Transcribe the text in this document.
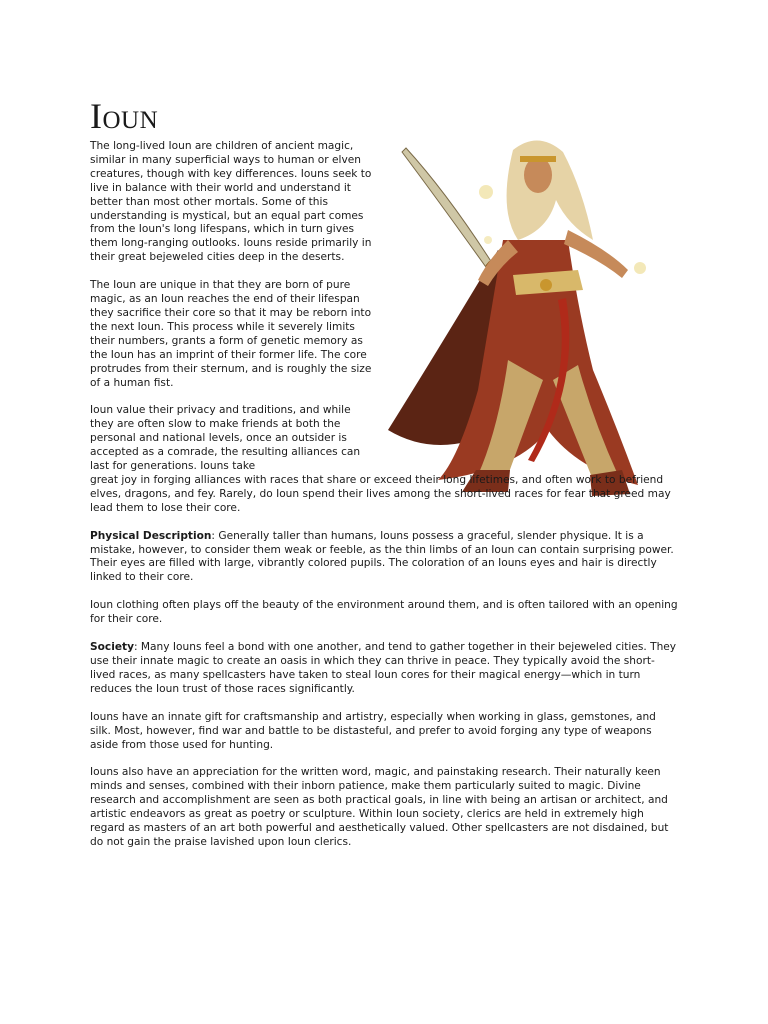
Ioun

The long-lived Ioun are children of ancient magic, similar in many superficial ways to human or elven creatures, though with key differences. Iouns seek to live in balance with their world and understand it better than most other mortals. Some of this understanding is mystical, but an equal part comes from the Ioun's long lifespans, which in turn gives them long-ranging outlooks. Iouns reside primarily in their great bejeweled cities deep in the deserts.

The Ioun are unique in that they are born of pure magic, as an Ioun reaches the end of their lifespan they sacrifice their core so that it may be reborn into the next Ioun. This process while it severely limits their numbers, grants a form of genetic memory as the Ioun has an imprint of their former life. The core protrudes from their sternum, and is roughly the size of a human fist.

Ioun value their privacy and traditions, and while they are often slow to make friends at both the personal and national levels, once an outsider is accepted as a comrade, the resulting alliances can last for generations. Iouns take
great joy in forging alliances with races that share or exceed their long lifetimes, and often work to befriend elves, dragons, and fey. Rarely, do Ioun spend their lives among the short-lived races for fear that greed may lead them to lose their core.

Physical Description: Generally taller than humans, Iouns possess a graceful, slender physique. It is a mistake, however, to consider them weak or feeble, as the thin limbs of an Ioun can contain surprising power. Their eyes are filled with large, vibrantly colored pupils. The coloration of an Iouns eyes and hair is directly linked to their core.

Ioun clothing often plays off the beauty of the environment around them, and is often tailored with an opening for their core.

Society: Many Iouns feel a bond with one another, and tend to gather together in their bejeweled cities. They use their innate magic to create an oasis in which they can thrive in peace. They typically avoid the short-lived races, as many spellcasters have taken to steal Ioun cores for their magical energy—which in turn reduces the Ioun trust of those races significantly.

Iouns have an innate gift for craftsmanship and artistry, especially when working in glass, gemstones, and silk. Most, however, find war and battle to be distasteful, and prefer to avoid forging any type of weapons aside from those used for hunting.

Iouns also have an appreciation for the written word, magic, and painstaking research. Their naturally keen minds and senses, combined with their inborn patience, make them particularly suited to magic. Divine research and accomplishment are seen as both practical goals, in line with being an artisan or architect, and artistic endeavors as great as poetry or sculpture. Within Ioun society, clerics are held in extremely high regard as masters of an art both powerful and aesthetically valued. Other spellcasters are not disdained, but do not gain the praise lavished upon Ioun clerics.
